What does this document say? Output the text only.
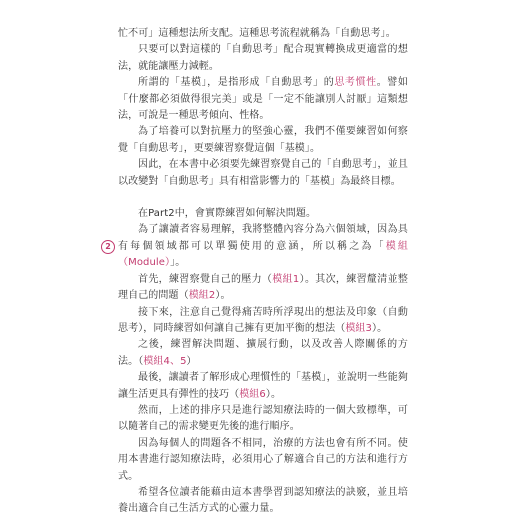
2

忙不可」這種想法所支配。這種思考流程就稱為「自動思考」。

只要可以對這樣的「自動思考」配合現實轉換成更適當的想法，就能讓壓力減輕。

所謂的「基模」，是指形成「自動思考」的思考慣性。譬如「什麼都必須做得很完美」或是「一定不能讓別人討厭」這類想法，可說是一種思考傾向、性格。

為了培養可以對抗壓力的堅強心靈，我們不僅要練習如何察覺「自動思考」，更要練習察覺這個「基模」。

因此，在本書中必須要先練習察覺自己的「自動思考」，並且以改變對「自動思考」具有相當影響力的「基模」為最終目標。

在Part2中，會實際練習如何解決問題。

為了讓讀者容易理解，我將整體內容分為六個領域，因為具有每個領域都可以單獨使用的意涵，所以稱之為「模組（Module）」。

首先，練習察覺自己的壓力（模組1）。其次，練習釐清並整理自己的問題（模組2）。

接下來，注意自己覺得痛苦時所浮現出的想法及印象（自動思考），同時練習如何讓自己擁有更加平衡的想法（模組3）。

之後，練習解決問題、擴展行動，以及改善人際關係的方法。（模組4、5）

最後，讓讀者了解形成心理慣性的「基模」，並說明一些能夠讓生活更具有彈性的技巧（模組6）。

然而，上述的排序只是進行認知療法時的一個大致標準，可以隨著自己的需求變更先後的進行順序。

因為每個人的問題各不相同，治療的方法也會有所不同。使用本書進行認知療法時，必須用心了解適合自己的方法和進行方式。

希望各位讀者能藉由這本書學習到認知療法的訣竅，並且培養出適合自己生活方式的心靈力量。
